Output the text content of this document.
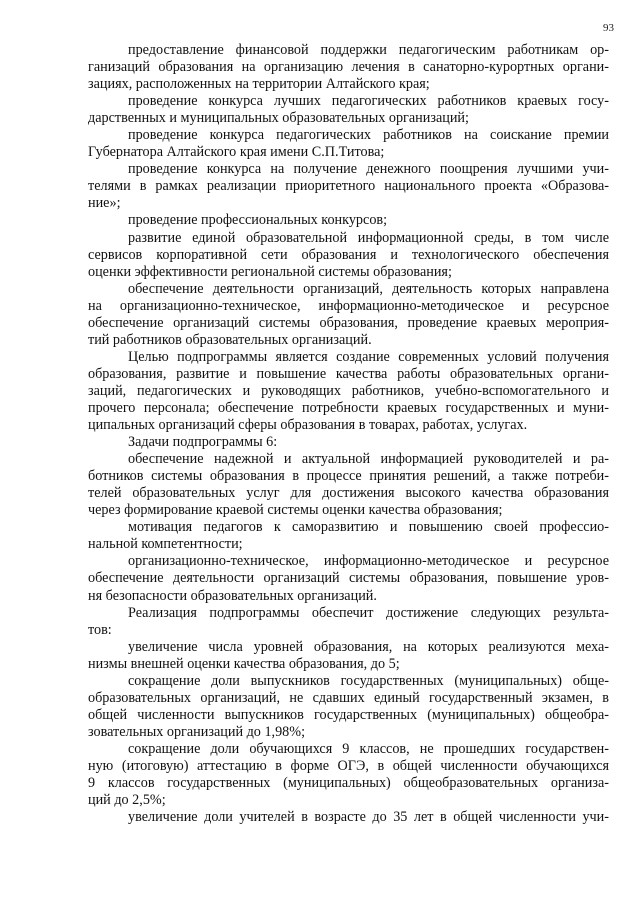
93
предоставление финансовой поддержки педагогическим работникам ор-
ганизаций образования на организацию лечения в санаторно-курортных органи-
зациях, расположенных на территории Алтайского края;
проведение конкурса лучших педагогических работников краевых госу-
дарственных и муниципальных образовательных организаций;
проведение конкурса педагогических работников на соискание премии
Губернатора Алтайского края имени С.П.Титова;
проведение конкурса на получение денежного поощрения лучшими учи-
телями в рамках реализации приоритетного национального проекта «Образова-
ние»;
проведение профессиональных конкурсов;
развитие единой образовательной информационной среды, в том числе
сервисов корпоративной сети образования и технологического обеспечения
оценки эффективности региональной системы образования;
обеспечение деятельности организаций, деятельность которых направлена
на организационно-техническое, информационно-методическое и ресурсное
обеспечение организаций системы образования, проведение краевых мероприя-
тий работников образовательных организаций.
Целью подпрограммы является создание современных условий получения
образования, развитие и повышение качества работы образовательных органи-
заций, педагогических и руководящих работников, учебно-вспомогательного и
прочего персонала; обеспечение потребности краевых государственных и муни-
ципальных организаций сферы образования в товарах, работах, услугах.
Задачи подпрограммы 6:
обеспечение надежной и актуальной информацией руководителей и ра-
ботников системы образования в процессе принятия решений, а также потреби-
телей образовательных услуг для достижения высокого качества образования
через формирование краевой системы оценки качества образования;
мотивация педагогов к саморазвитию и повышению своей профессио-
нальной компетентности;
организационно-техническое, информационно-методическое и ресурсное
обеспечение деятельности организаций системы образования, повышение уров-
ня безопасности образовательных организаций.
Реализация подпрограммы обеспечит достижение следующих результа-
тов:
увеличение числа уровней образования, на которых реализуются меха-
низмы внешней оценки качества образования, до 5;
сокращение доли выпускников государственных (муниципальных) обще-
образовательных организаций, не сдавших единый государственный экзамен, в
общей численности выпускников государственных (муниципальных) общеобра-
зовательных организаций до 1,98%;
сокращение доли обучающихся 9 классов, не прошедших государствен-
ную (итоговую) аттестацию в форме ОГЭ, в общей численности обучающихся
9 классов государственных (муниципальных) общеобразовательных организа-
ций до 2,5%;
увеличение доли учителей в возрасте до 35 лет в общей численности учи-
